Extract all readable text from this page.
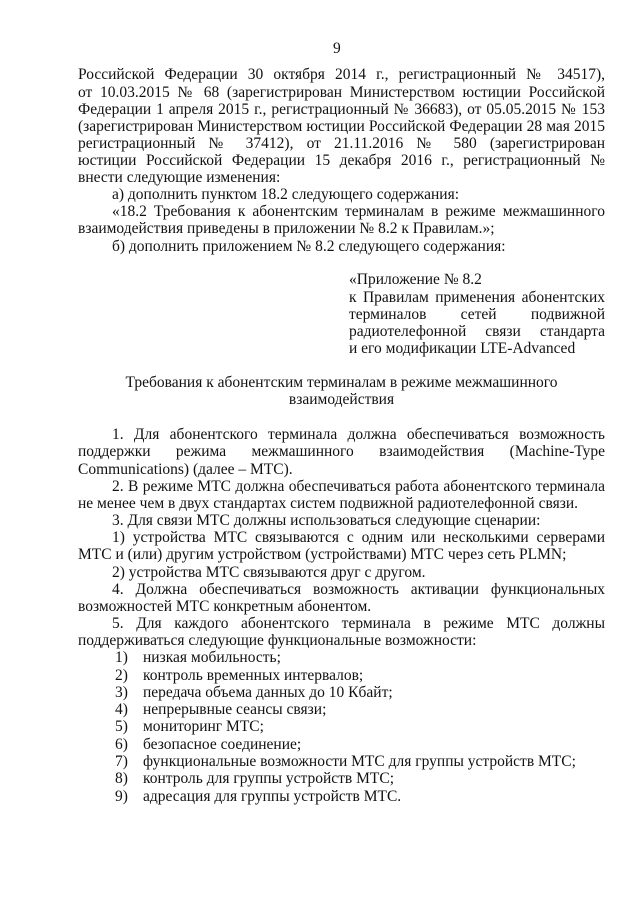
9
Российской Федерации 30 октября 2014 г., регистрационный № 34517),
от 10.03.2015 № 68 (зарегистрирован Министерством юстиции Российской
Федерации 1 апреля 2015 г., регистрационный № 36683), от 05.05.2015 № 153
(зарегистрирован Министерством юстиции Российской Федерации 28 мая 2015
регистрационный № 37412), от 21.11.2016 № 580 (зарегистрирован
юстиции Российской Федерации 15 декабря 2016 г., регистрационный №
внести следующие изменения:
а) дополнить пунктом 18.2 следующего содержания:
«18.2 Требования к абонентским терминалам в режиме межмашинного
взаимодействия приведены в приложении № 8.2 к Правилам.»;
б) дополнить приложением № 8.2 следующего содержания:
«Приложение № 8.2
к Правилам применения абонентских
терминалов сетей подвижной
радиотелефонной связи стандарта
и его модификации LTE-Advanced
Требования к абонентским терминалам в режиме межмашинного
взаимодействия
1. Для абонентского терминала должна обеспечиваться возможность
поддержки режима межмашинного взаимодействия (Machine-Type
Communications) (далее – МТС).
2. В режиме МТС должна обеспечиваться работа абонентского терминала
не менее чем в двух стандартах систем подвижной радиотелефонной связи.
3. Для связи МТС должны использоваться следующие сценарии:
1) устройства МТС связываются с одним или несколькими серверами
МТС и (или) другим устройством (устройствами) МТС через сеть PLMN;
2) устройства МТС связываются друг с другом.
4. Должна обеспечиваться возможность активации функциональных
возможностей МТС конкретным абонентом.
5. Для каждого абонентского терминала в режиме МТС должны
поддерживаться следующие функциональные возможности:
1) низкая мобильность;
2) контроль временных интервалов;
3) передача объема данных до 10 Кбайт;
4) непрерывные сеансы связи;
5) мониторинг МТС;
6) безопасное соединение;
7) функциональные возможности МТС для группы устройств МТС;
8) контроль для группы устройств МТС;
9) адресация для группы устройств МТС.
